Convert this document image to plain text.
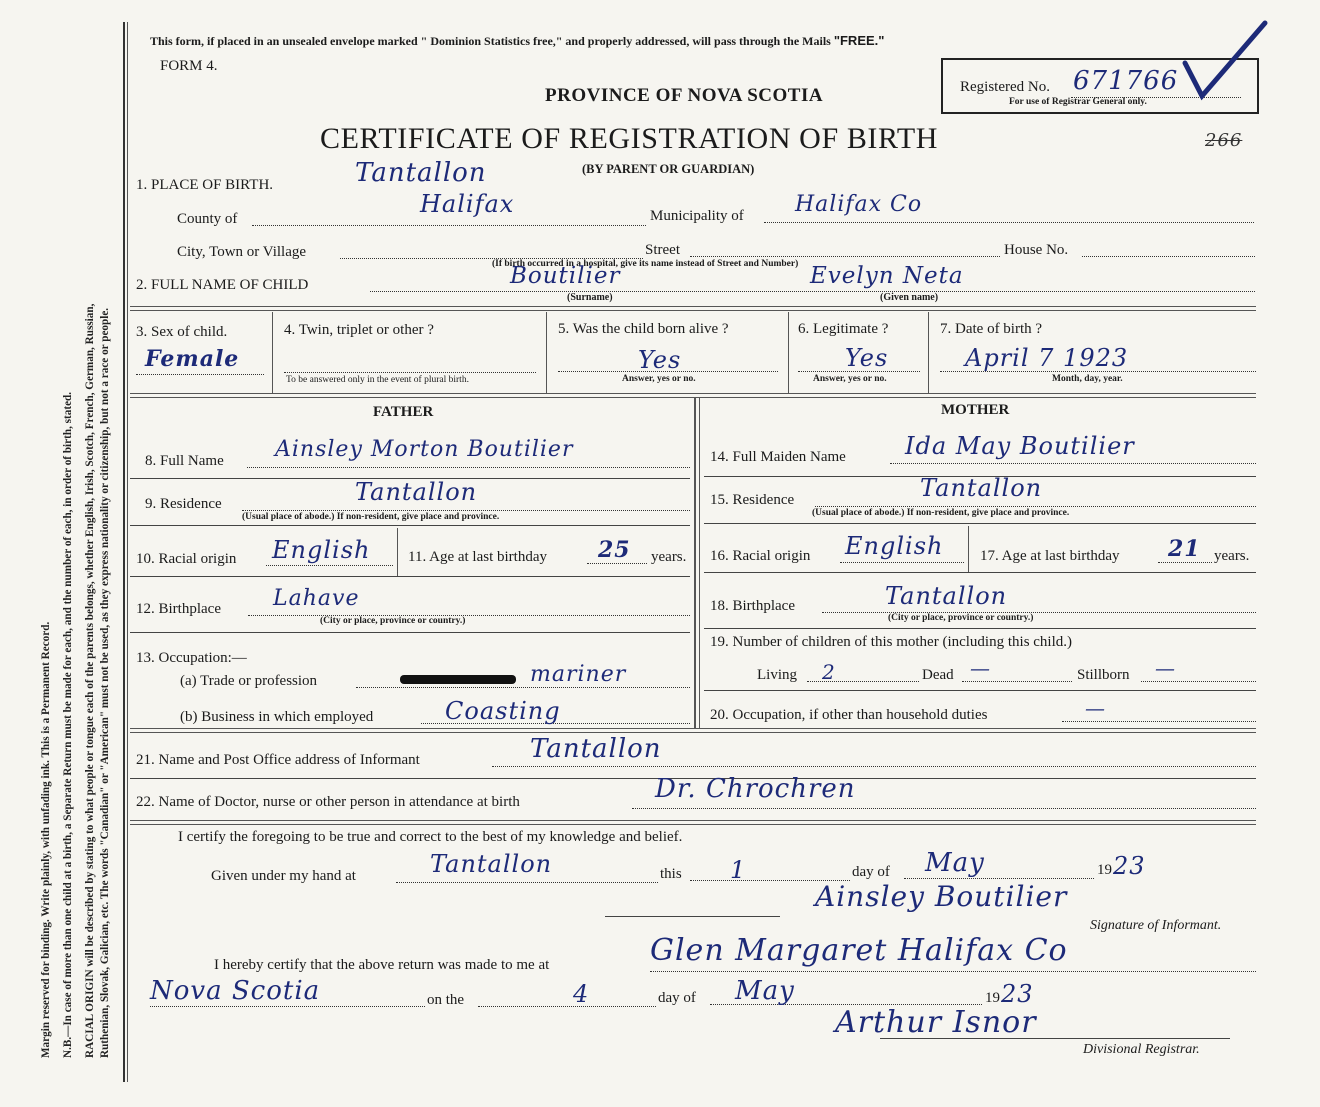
Margin reserved for binding. Write plainly, with unfading ink. This is a Permanent Record. N.B.—In case of more than one child at a birth, a Separate Return must be made for each, and the number of each, in order of birth, stated. RACIAL ORIGIN will be described by stating to what people or tongue each of the parents belongs, whether English, Irish, Scotch, French, German, Russian, Ruthenian, Slovak, Galician, etc. The words "Canadian" or "American" must not be used, as they express nationality or citizenship, but not a race or people.
This form, if placed in an unsealed envelope marked " Dominion Statistics free," and properly addressed, will pass through the Mails "FREE."
FORM 4.
PROVINCE OF NOVA SCOTIA
CERTIFICATE OF REGISTRATION OF BIRTH
(BY PARENT OR GUARDIAN)
Registered No. 671766
For use of Registrar General only.
266
1. PLACE OF BIRTH.	Tantallon
County of
Halifax	Municipality of Halifax Co
City, Town or Village	Street	House No.
(If birth occurred in a hospital, give its name instead of Street and Number)
2. FULL NAME OF CHILD	Boutilier
(Surname)
Evelyn Neta
(Given name)
3. Sex of child.
Female
4. Twin, triplet or other ?
To be answered only in the event of plural birth.
5. Was the child born alive ?
Yes
Answer, yes or no.
6. Legitimate ?
Yes
Answer, yes or no.
7. Date of birth ?
April 7 1923
Month, day, year.
FATHER	MOTHER
8. Full Name Ainsley Morton Boutilier
9. Residence	Tantallon
(Usual place of abode.) If non-resident, give place and province.
10. Racial origin English	11. Age at last birthday 25 years.
12. Birthplace Lahave
(City or place, province or country.)
13. Occupation:—
(a) Trade or profession	mariner
(b) Business in which employed	Coasting
14. Full Maiden Name Ida May Boutilier
15. Residence	Tantallon
(Usual place of abode.) If non-resident, give place and province.
16. Racial origin English 17. Age at last birthday 21 years.
18. Birthplace	Tantallon
(City or place, province or country.)
19. Number of children of this mother (including this child.)
Living 2	Dead —	Stillborn —
20. Occupation, if other than household duties	—
21. Name and Post Office address of Informant	Tantallon
22. Name of Doctor, nurse or other person in attendance at birth	Dr. Chrochren
I certify the foregoing to be true and correct to the best of my knowledge and belief.
Given under my hand at	Tantallon	this 1	day of May	19 23
Ainsley Boutilier
Signature of Informant.
I hereby certify that the above return was made to me at	Glen Margaret Halifax Co
Nova Scotia	on the	4	day of May	19 23
Arthur Isnor
Divisional Registrar.
